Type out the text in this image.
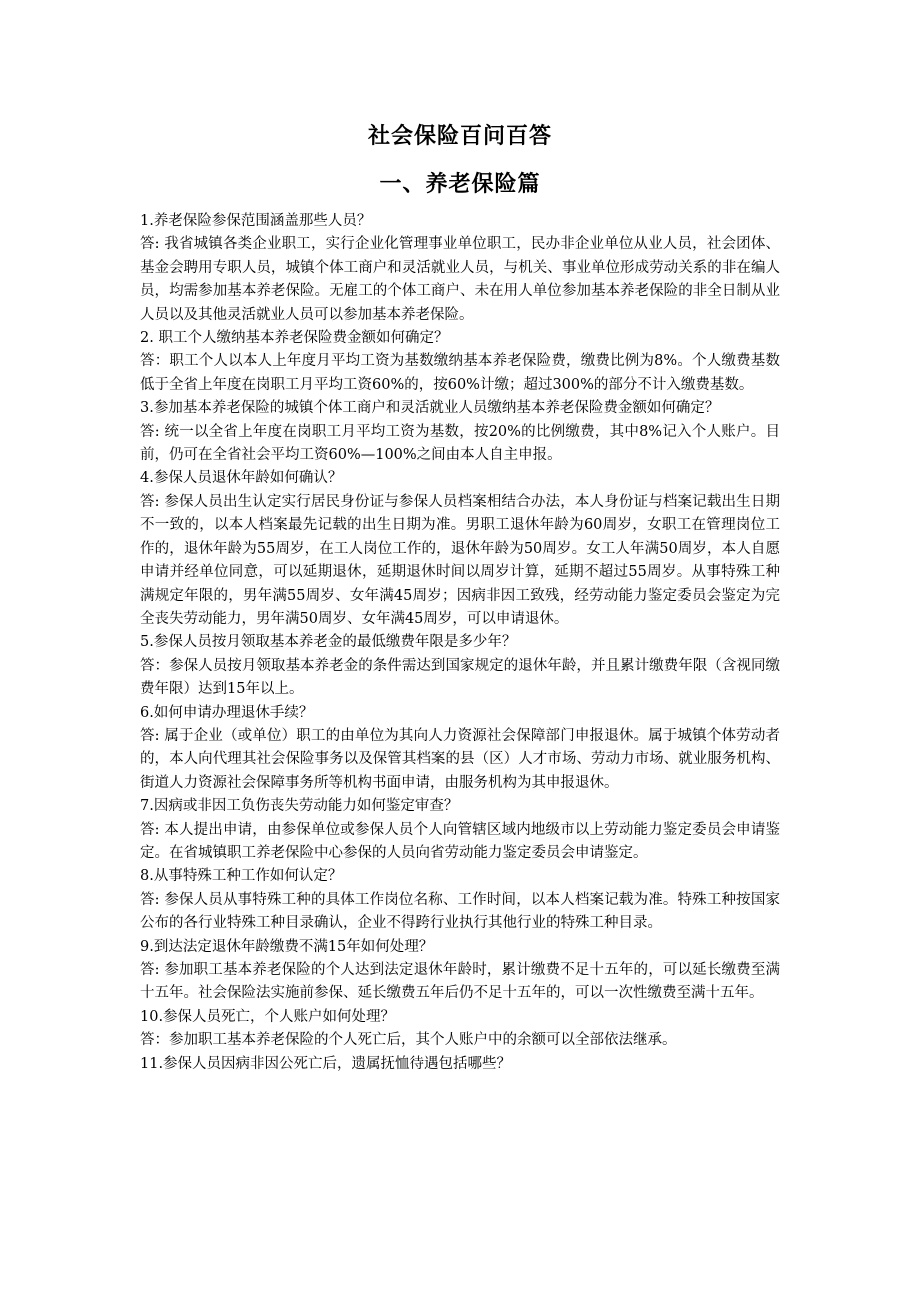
社会保险百问百答
一、养老保险篇

1.养老保险参保范围涵盖那些人员？

答: 我省城镇各类企业职工，实行企业化管理事业单位职工，民办非企业单位从业人员，社会团体、基金会聘用专职人员，城镇个体工商户和灵活就业人员，与机关、事业单位形成劳动关系的非在编人员，均需参加基本养老保险。无雇工的个体工商户、未在用人单位参加基本养老保险的非全日制从业人员以及其他灵活就业人员可以参加基本养老保险。

2. 职工个人缴纳基本养老保险费金额如何确定？

答：职工个人以本人上年度月平均工资为基数缴纳基本养老保险费，缴费比例为8%。个人缴费基数低于全省上年度在岗职工月平均工资60%的，按60%计缴；超过300%的部分不计入缴费基数。

3.参加基本养老保险的城镇个体工商户和灵活就业人员缴纳基本养老保险费金额如何确定？

答: 统一以全省上年度在岗职工月平均工资为基数，按20%的比例缴费，其中8%记入个人账户。目前，仍可在全省社会平均工资60%—100%之间由本人自主申报。

4.参保人员退休年龄如何确认？

答: 参保人员出生认定实行居民身份证与参保人员档案相结合办法，本人身份证与档案记载出生日期不一致的，以本人档案最先记载的出生日期为准。男职工退休年龄为60周岁，女职工在管理岗位工作的，退休年龄为55周岁，在工人岗位工作的，退休年龄为50周岁。女工人年满50周岁，本人自愿申请并经单位同意，可以延期退休，延期退休时间以周岁计算，延期不超过55周岁。从事特殊工种满规定年限的，男年满55周岁、女年满45周岁；因病非因工致残，经劳动能力鉴定委员会鉴定为完全丧失劳动能力，男年满50周岁、女年满45周岁，可以申请退休。

5.参保人员按月领取基本养老金的最低缴费年限是多少年？

答：参保人员按月领取基本养老金的条件需达到国家规定的退休年龄，并且累计缴费年限（含视同缴费年限）达到15年以上。

6.如何申请办理退休手续？

答: 属于企业（或单位）职工的由单位为其向人力资源社会保障部门申报退休。属于城镇个体劳动者的，本人向代理其社会保险事务以及保管其档案的县（区）人才市场、劳动力市场、就业服务机构、街道人力资源社会保障事务所等机构书面申请，由服务机构为其申报退休。

7.因病或非因工负伤丧失劳动能力如何鉴定审查？

答: 本人提出申请，由参保单位或参保人员个人向管辖区域内地级市以上劳动能力鉴定委员会申请鉴定。在省城镇职工养老保险中心参保的人员向省劳动能力鉴定委员会申请鉴定。

8.从事特殊工种工作如何认定？

答: 参保人员从事特殊工种的具体工作岗位名称、工作时间，以本人档案记载为准。特殊工种按国家公布的各行业特殊工种目录确认，企业不得跨行业执行其他行业的特殊工种目录。

9.到达法定退休年龄缴费不满15年如何处理？

答: 参加职工基本养老保险的个人达到法定退休年龄时，累计缴费不足十五年的，可以延长缴费至满十五年。社会保险法实施前参保、延长缴费五年后仍不足十五年的，可以一次性缴费至满十五年。

10.参保人员死亡，个人账户如何处理？

答：参加职工基本养老保险的个人死亡后，其个人账户中的余额可以全部依法继承。

11.参保人员因病非因公死亡后，遗属抚恤待遇包括哪些？
